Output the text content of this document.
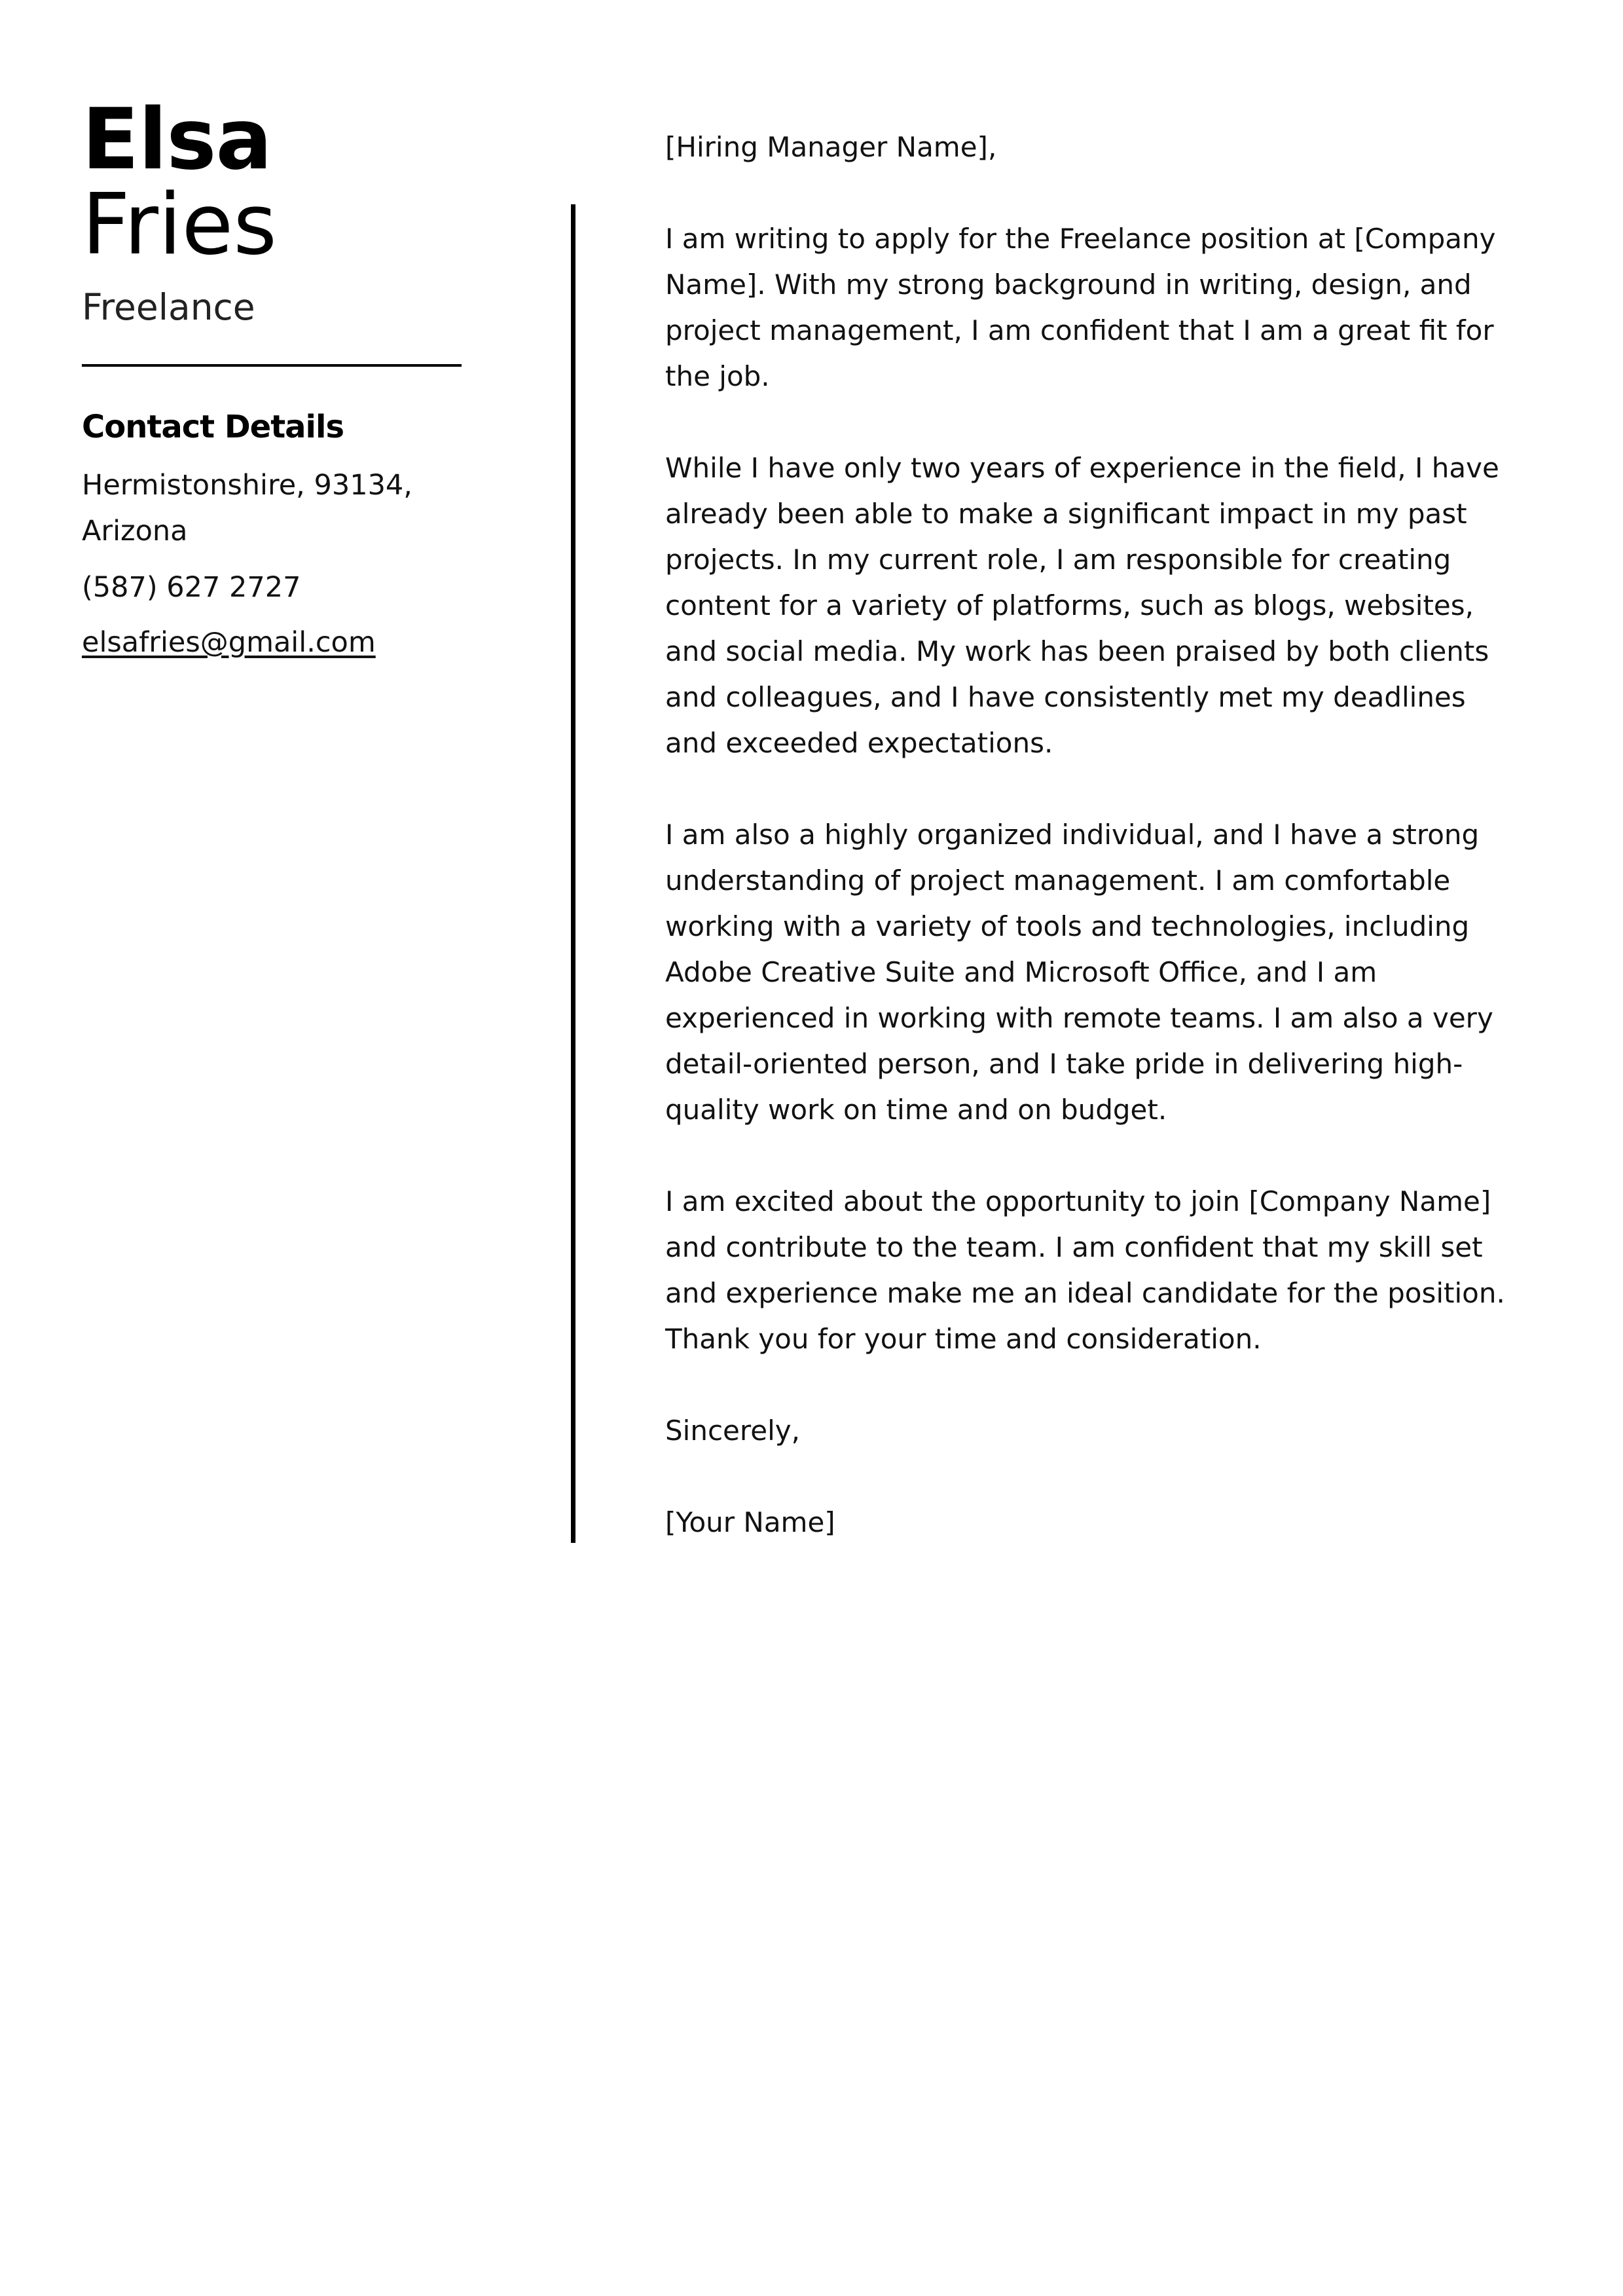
Elsa
Fries
Freelance
Contact Details
Hermistonshire, 93134, Arizona
(587) 627 2727
elsafries@gmail.com

[Hiring Manager Name],

I am writing to apply for the Freelance position at [Company Name]. With my strong background in writing, design, and project management, I am confident that I am a great fit for the job.

While I have only two years of experience in the field, I have already been able to make a significant impact in my past projects. In my current role, I am responsible for creating content for a variety of platforms, such as blogs, websites, and social media. My work has been praised by both clients and colleagues, and I have consistently met my deadlines and exceeded expectations.

I am also a highly organized individual, and I have a strong understanding of project management. I am comfortable working with a variety of tools and technologies, including Adobe Creative Suite and Microsoft Office, and I am experienced in working with remote teams. I am also a very detail-oriented person, and I take pride in delivering high-quality work on time and on budget.

I am excited about the opportunity to join [Company Name] and contribute to the team. I am confident that my skill set and experience make me an ideal candidate for the position. Thank you for your time and consideration.

Sincerely,

[Your Name]
